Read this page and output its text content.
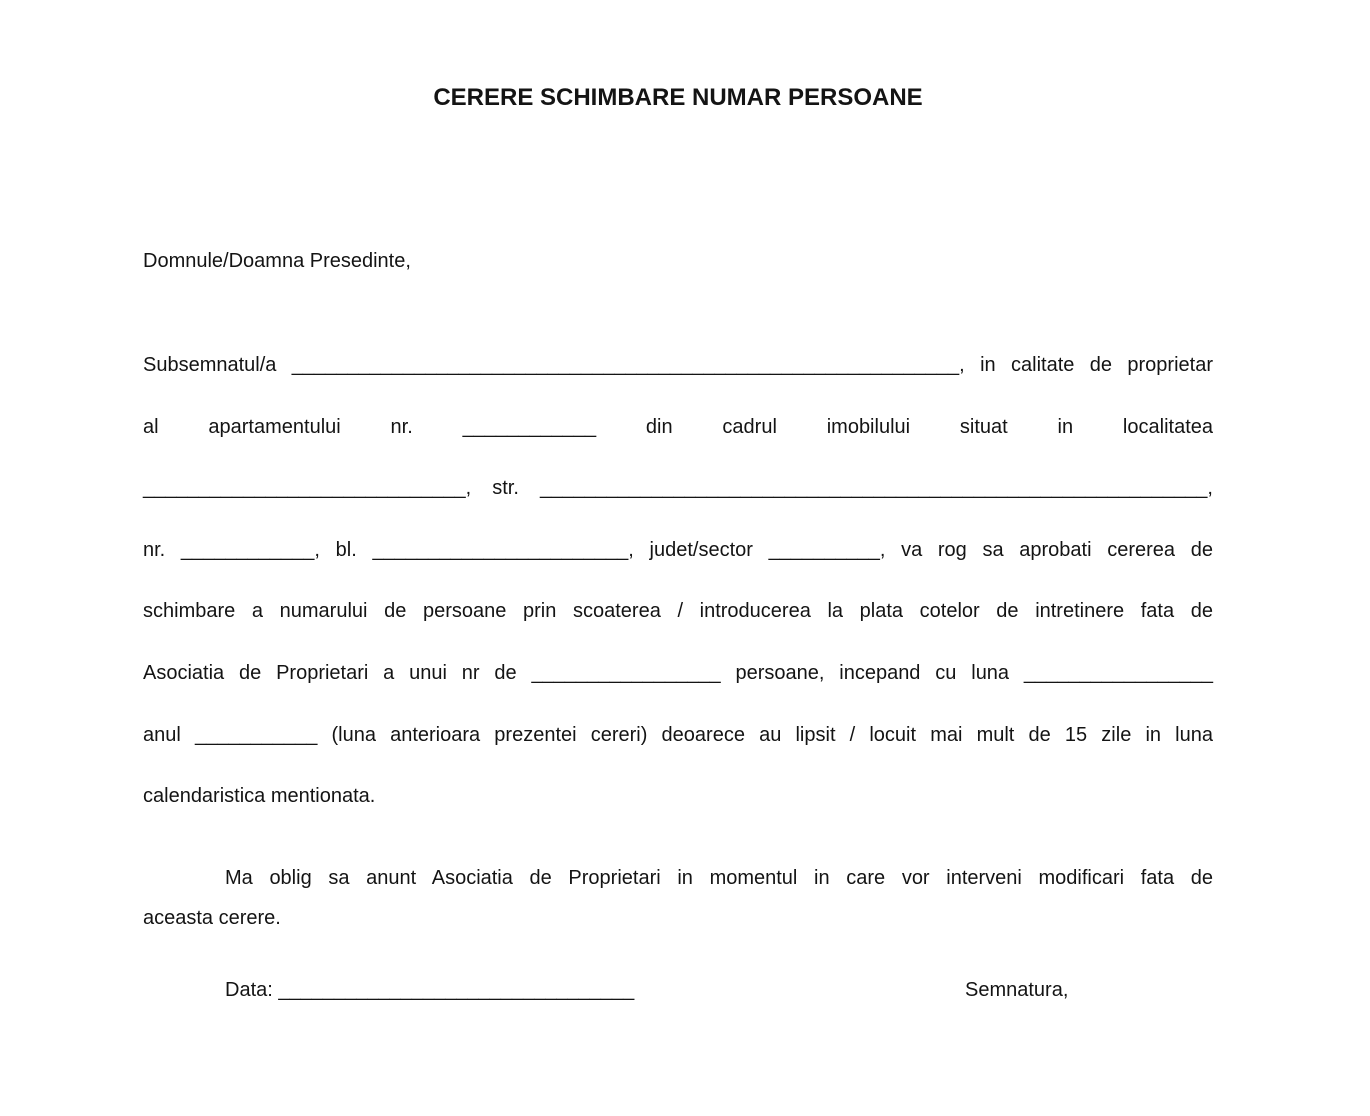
CERERE SCHIMBARE NUMAR PERSOANE
Domnule/Doamna Presedinte,
Subsemnatul/a ____________________________________________________________, in calitate de proprietar
al apartamentului nr. ____________ din cadrul imobilului situat in localitatea
_____________________________, str. ____________________________________________________________,
nr. ____________, bl. _______________________, judet/sector __________, va rog sa aprobati cererea de
schimbare a numarului de persoane prin scoaterea / introducerea la plata cotelor de intretinere fata de
Asociatia de Proprietari a unui nr de _________________ persoane, incepand cu luna _________________
anul ___________ (luna anterioara prezentei cereri) deoarece au lipsit / locuit mai mult de 15 zile in luna
calendaristica mentionata.
Ma oblig sa anunt Asociatia de Proprietari in momentul in care vor interveni modificari fata de
aceasta cerere.
Data: ________________________________	Semnatura,
